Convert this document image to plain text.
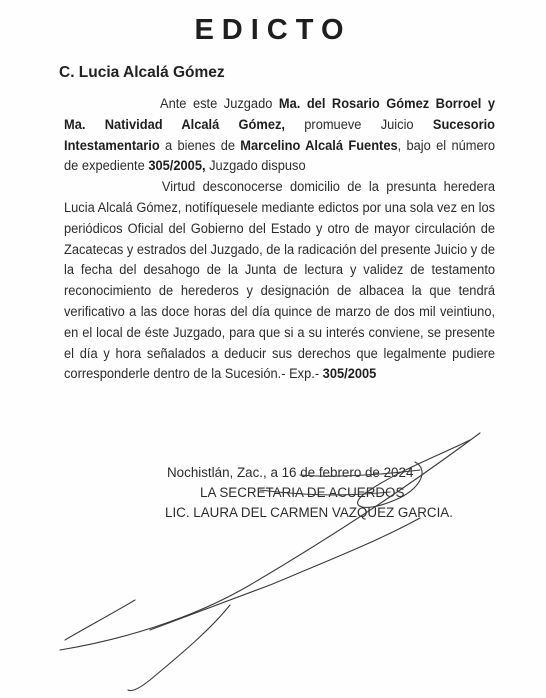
EDICTO
C. Lucia Alcalá Gómez

Ante este Juzgado Ma. del Rosario Gómez Borroel y Ma. Natividad Alcalá Gómez, promueve Juicio Sucesorio Intestamentario a bienes de Marcelino Alcalá Fuentes, bajo el número de expediente 305/2005, Juzgado dispuso

Virtud desconocerse domicilio de la presunta heredera Lucia Alcalá Gómez, notifíquesele mediante edictos por una sola vez en los periódicos Oficial del Gobierno del Estado y otro de mayor circulación de Zacatecas y estrados del Juzgado, de la radicación del presente Juicio y de la fecha del desahogo de la Junta de lectura y validez de testamento reconocimiento de herederos y designación de albacea la que tendrá verificativo a las doce horas del día quince de marzo de dos mil veintiuno, en el local de éste Juzgado, para que si a su interés conviene, se presente el día y hora señalados a deducir sus derechos que legalmente pudiere corresponderle dentro de la Sucesión.- Exp.- 305/2005

Nochistlán, Zac., a 16 de febrero de 2024
LA SECRETARIA DE ACUERDOS
LIC. LAURA DEL CARMEN VAZQUEZ GARCIA.
